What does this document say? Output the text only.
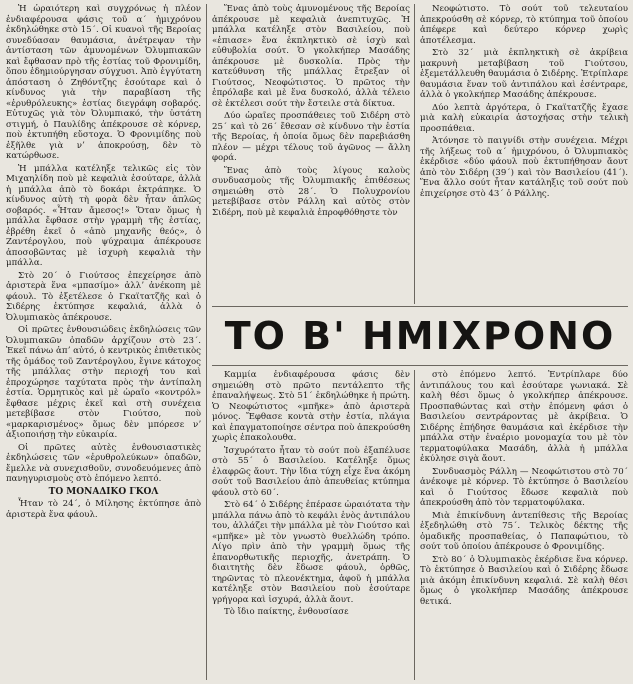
Ἡ ὡραιότερη καὶ συγχρόνως ἡ πλέον ἐνδιαφέρουσα φάσις τοῦ α΄ ἡμιχρόνου ἐκδηλώθηκε στὸ 15΄. Οἱ κυανοὶ τῆς Βεροίας συνεδύασαν θαυμάσια, ἀνέτρεψαν τὴν ἀντίσταση τῶν ἀμυνομένων Ὀλυμπιακῶν καὶ ἔφθασαν πρὸ τῆς ἑστίας τοῦ Φρονιμίδη, ὅπου ἐδημιούργησαν σύγχυσι. Ἀπὸ ἐγγύτατη ἀπόσταση ὁ Ζηθόντζης ἐσούταρε καὶ ὁ κίνδυνος γιὰ τὴν παραβίαση τῆς «ἐρυθρόλευκης» ἑστίας διεγράφη σοβαρός. Εὐτυχῶς γιὰ τὸν Ὀλυμπιακό, τὴν ὑστάτη στιγμή, ὁ Παυλίδης ἀπέκρουσε σὲ κόρνερ, ποὺ ἐκτυπήθη εὔστοχα. Ὁ Φρονιμίδης ποὺ ἐξῆλθε γιὰ νʼ ἀποκρούσῃ, δὲν τὸ κατώρθωσε.

Ἡ μπάλλα κατέληξε τελικῶς εἰς τὸν Μιχαηλίδη ποὺ μὲ κεφαλιὰ ἐσούταρε, ἀλλὰ ἡ μπάλλα ἀπὸ τὸ δοκάρι ἐκτράπηκε. Ὁ κίνδυνος αὐτὴ τὴ φορὰ δὲν ἦταν ἁπλῶς σοβαρός. «Ἦταν ἄμεσος!» Ὅταν ὅμως ἡ μπάλλα ἔφθασε στὴν γραμμὴ τῆς ἑστίας, ἐβρέθη ἐκεῖ ὁ «ἀπὸ μηχανῆς θεός», ὁ Ζαντέρογλου, ποὺ ψύχραιμα ἀπέκρουσε ἀποσοβῶντας μὲ ἰσχυρὴ κεφαλιὰ τὴν μπάλλα.

Στὸ 20΄ ὁ Γιούτσος ἐπεχείρησε ἀπὸ ἀριστερὰ ἕνα «μπασίμο» ἀλλʼ ἀνέκοπη μὲ φάουλ. Τὸ ἐξετέλεσε ὁ Γκαϊτατζῆς καὶ ὁ Σιδέρης ἐκτύπησε κεφαλιά, ἀλλὰ ὁ Ὀλυμπιακὸς ἀπέκρουσε.

Οἱ πρῶτες ἐνθουσιώδεις ἐκδηλώσεις τῶν Ὀλυμπιακῶν ὀπαδῶν ἀρχίζουν στὸ 23΄. Ἐκεῖ πάνω ἀπʼ αὐτό, ὁ κεντρικὸς ἐπιθετικὸς τῆς ὁμάδος τοῦ Ζαντέρογλου, ἔγινε κάτοχος τῆς μπάλλας στὴν περιοχή του καὶ ἐπροχώρησε ταχύτατα πρὸς τὴν ἀντίπαλη ἑστία. Ὁρμητικὸς καὶ μὲ ὡραῖο «κοντρόλ» ἔφθασε μέχρις ἐκεῖ καὶ στὴ συνέχεια μετεβίβασε στὸν Γιούτσο, ποὺ «μαρκαρισμένος» ὅμως δὲν μπόρεσε νʼ ἀξιοποιήσῃ τὴν εὐκαιρία.

Οἱ πρῶτες αὐτὲς ἐνθουσιαστικὲς ἐκδηλώσεις τῶν «ἐρυθρολεύκων» ὀπαδῶν, ἔμελλε νὰ συνεχισθοῦν, συνοδευόμενες ἀπὸ πανηγυρισμοὺς στὸ ἑπόμενο λεπτό.

ΤΟ ΜΟΝΑΔΙΚΟ ΓΚΟΛ

Ἦταν τὸ 24΄, ὁ Μίλησης ἐκτύπησε ἀπὸ ἀριστερὰ ἕνα φάουλ.

Ἕνας ἀπὸ τοὺς ἀμυνομένους τῆς Βεροίας ἀπέκρουσε μὲ κεφαλιὰ ἀνεπιτυχῶς. Ἡ μπάλλα κατέληξε στὸν Βασιλείου, ποὺ «ἐπιασε» ἕνα ἐκπληκτικὸ σὲ ἰσχὺ καὶ εὐθυβολία σούτ. Ὁ γκολκήπερ Μασάδης ἀπέκρουσε μὲ δυσκολία. Πρὸς τὴν κατεύθυνση τῆς μπάλλας ἔτρεξαν οἱ Γιούτσος, Νεοφώτιστος. Ὁ πρῶτος τὴν ἐπρόλαβε καὶ μὲ ἕνα δυσκολό, ἀλλὰ τέλειο σὲ ἐκτέλεσι σούτ τὴν ἔστειλε στὰ δίκτυα.

Δύο ὡραῖες προσπάθειες τοῦ Σιδέρη στὸ 25΄ καὶ τὸ 26΄ ἔθεσαν σὲ κίνδυνο τὴν ἑστία τῆς Βεροίας, ἡ ὁποία ὅμως δὲν παρεβιάσθη πλέον — μέχρι τέλους τοῦ ἀγῶνος — ἄλλη φορά.

Ἕνας ἀπὸ τοὺς λίγους καλοὺς συνδυασμοὺς τῆς Ὀλυμπιακῆς ἐπιθέσεως σημειώθη στὸ 28΄. Ὁ Πολυχρονίου μετεβίβασε στὸν Ράλλη καὶ αὐτὸς στὸν Σιδέρη, ποὺ μὲ κεφαλιὰ ἐπροφθόθηστε τὸν

Νεοφώτιστο. Τὸ σούτ τοῦ τελευταίου ἀπεκρούσθη σὲ κόρνερ, τὸ κτύπημα τοῦ ὁποίου ἀπέφερε καὶ δεύτερο κόρνερ χωρὶς ἀποτέλεσμα.

Στὸ 32΄ μιὰ ἐκπληκτικὴ σὲ ἀκρίβεια μακρυνὴ μεταβίβαση τοῦ Γιούτσου, ἐξεμετάλλευθη θαυμάσια ὁ Σιδέρης. Ἐτρίπλαρε θαυμάσια ἕναν τοῦ ἀντιπάλου καὶ ἐσέντραρε, ἀλλὰ ὁ γκολκήπερ Μασάδης ἀπέκρουσε.

Δύο λεπτὰ ἀργότερα, ὁ Γκαϊτατζῆς ἔχασε μιὰ καλὴ εὐκαιρία ἀστοχήσας στὴν τελικὴ προσπάθεια.

Ἀτόνησε τὸ παιγνίδι στὴν συνέχεια. Μέχρι τῆς λήξεως τοῦ α΄ ἡμιχρόνου, ὁ Ὀλυμπιακὸς ἐκέρδισε «δύο φάουλ ποὺ ἐκτυπήθησαν ἄουτ ἀπὸ τὸν Σιδέρη (39΄) καὶ τὸν Βασιλείου (41΄). Ἕνα ἄλλο σούτ ἦταν κατάληξις τοῦ σούτ ποὺ ἐπιχείρησε στὸ 43΄ ὁ Ράλλης.

ΤΟ Β' ΗΜΙΧΡΟΝΟ

Καμμία ἐνδιαφέρουσα φάσις δὲν σημειώθη στὸ πρῶτο πεντάλεπτο τῆς ἐπαναλήψεως. Στὸ 51΄ ἐκδηλώθηκε ἡ πρώτη. Ὁ Νεοφώτιστος «μπῆκε» ἀπὸ ἀριστερὰ μόνος. Ἔφθασε κοντὰ στὴν ἑστία, πλάγια καὶ ἐπαγματοποίησε σέντρα ποὺ ἀπεκρούσθη χωρὶς ἐπακολουθα.

Ἰσχυρότατο ἦταν τὸ σούτ ποὺ ἐξαπέλυσε στὸ 55΄ ὁ Βασιλείου. Κατέληξε ὅμως ἐλαφρῶς ἄουτ. Τὴν ἴδια τύχη εἶχε ἕνα ἀκόμη σούτ τοῦ Βασιλείου ἀπὸ ἀπευθείας κτύπημα φάουλ στὸ 60΄.

Στὸ 64΄ ὁ Σιδέρης ἐπέρασε ὡραιότατα τὴν μπάλλα πάνω ἀπὸ τὸ κεφάλι ἑνὸς ἀντιπάλου του, ἀλλάζει τὴν μπάλλα μὲ τὸν Γιούτσο καὶ «μπῆκε» μὲ τὸν γνωστὸ θυελλώδη τρόπο. Λίγο πρὶν ἀπὸ τὴν γραμμὴ ὅμως τῆς ἐπανορθωτικῆς περιοχῆς, ἀνετράπη. Ὁ διαιτητὴς δὲν ἔδωσε φάουλ, ὀρθῶς, τηρῶντας τὸ πλεονέκτημα, ἀφοῦ ἡ μπάλλα κατέληξε στὸν Βασιλείου ποὺ ἐσούταρε γρήγορα καὶ ἰσχυρά, ἀλλὰ ἄουτ.

Τὸ ἴδιο παίκτης, ἐνθουσίασε

στὸ ἑπόμενο λεπτό. Ἐντρίπλαρε δύο ἀντιπάλους του καὶ ἐσούταρε γωνιακά. Σὲ καλὴ θέσι ὅμως ὁ γκολκήπερ ἀπέκρουσε. Προσπαθώντας καὶ στὴν ἑπόμενη φάσι ὁ Βασιλείου σεντράροντας μὲ ἀκρίβεια. Ὁ Σιδέρης ἐπήδησε θαυμάσια καὶ ἐκέρδισε τὴν μπάλλα στὴν ἐναέριο μονομαχία του μὲ τὸν τερματοφύλακα Μασάδη, ἀλλὰ ἡ μπάλλα ἐκύλησε σιγὰ ἄουτ.

Συνδυασμὸς Ράλλη — Νεοφώτιστου στὸ 70΄ ἀνέκοψε μὲ κόρνερ. Τὸ ἐκτύπησε ὁ Βασιλείου καὶ ὁ Γιούτσος ἔδωσε κεφαλιὰ ποὺ ἀπεκρούσθη ἀπὸ τὸν τερματοφύλακα.

Μιὰ ἐπικίνδυνη ἀντεπίθεσις τῆς Βεροίας ἐξεδηλώθη στὸ 75΄. Τελικὸς δέκτης τῆς ὁμαδικῆς προσπαθείας, ὁ Παπαφώτιου, τὸ σούτ τοῦ ὁποίου ἀπέκρουσε ὁ Φρονιμίδης.

Στὸ 80΄ ὁ Ὀλυμπιακὸς ἐκέρδισε ἕνα κόρνερ. Τὸ ἐκτύπησε ὁ Βασιλείου καὶ ὁ Σιδέρης ἔδωσε μιὰ ἀκόμη ἐπικίνδυνη κεφαλιά. Σὲ καλὴ θέσι ὅμως ὁ γκολκήπερ Μασάδης ἀπέκρουσε θετικά.
